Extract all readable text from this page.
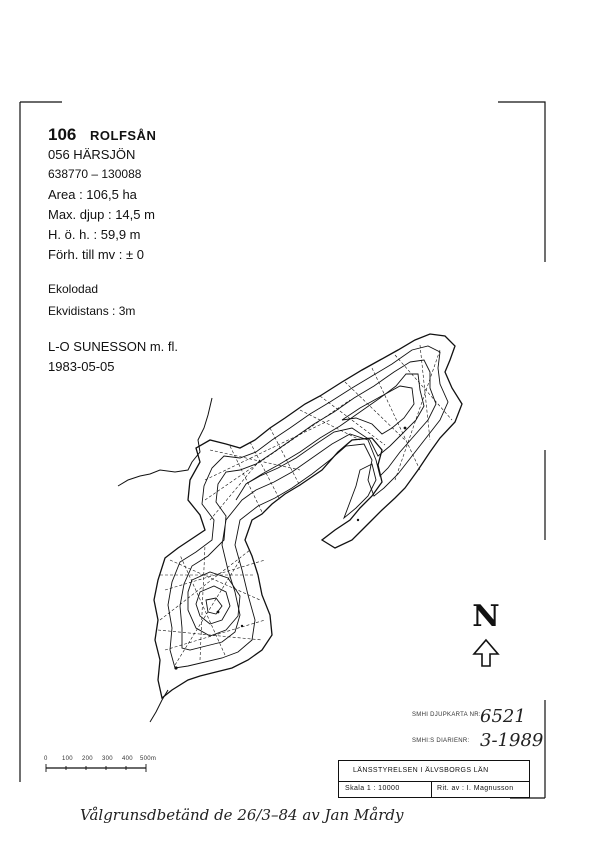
106 ROLFSÅN
056 HÄRSJÖN
638770 – 130088
Area : 106,5 ha
Max. djup : 14,5 m
H. ö. h. : 59,9 m
Förh. till mv : ± 0
Ekolodad
Ekvidistans : 3m
L-O SUNESSON m. fl.
1983-05-05
N
SMHI DJUPKARTA NR: 6521
SMHI:S DIARIENR: 3-1989
0 100 200 300 400 500m
LÄNSSTYRELSEN I ÄLVSBORGS LÄN
Skala 1 : 10000	Rit. av : I. Magnusson
Vålgrunsdbetänd de 26/3–84 av Jan Mårdy
